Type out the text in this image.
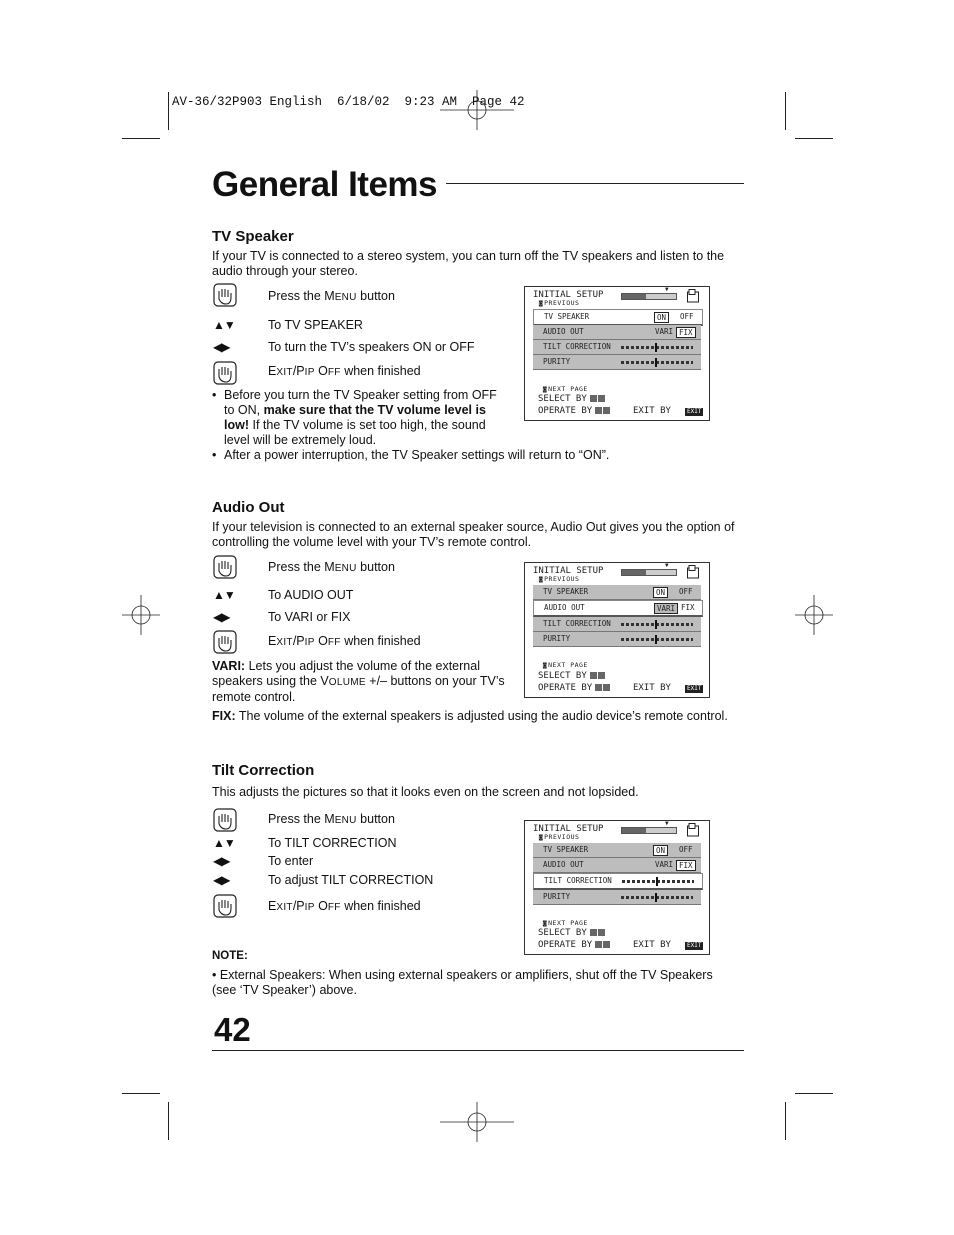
AV-36/32P903 English  6/18/02  9:23 AM  Page 42
General Items
TV Speaker
If your TV is connected to a stereo system, you can turn off the TV speakers and listen to the audio through your stereo.
Press the MENU button
▲▼	To TV SPEAKER
◀▶	To turn the TV’s speakers ON or OFF
EXIT/PIP OFF when finished
• Before you turn the TV Speaker setting from OFF to ON, make sure that the TV volume level is low! If the TV volume is set too high, the sound level will be extremely loud.
• After a power interruption, the TV Speaker settings will return to “ON”.
INITIAL SETUP
▼
◙ PREVIOUS
TV SPEAKER	ON	OFF
AUDIO OUT	VARI FIX
TILT CORRECTION
PURITY
◙ NEXT PAGE
SELECT BY
OPERATE BY	EXIT BY	EXIT
Audio Out
If your television is connected to an external speaker source, Audio Out gives you the option of controlling the volume level with your TV’s remote control.
Press the MENU button
▲▼	To AUDIO OUT
◀▶	To VARI or FIX
EXIT/PIP OFF when finished
VARI: Lets you adjust the volume of the external speakers using the VOLUME +/– buttons on your TV’s remote control.
FIX: The volume of the external speakers is adjusted using the audio device’s remote control.
INITIAL SETUP
▼
◙ PREVIOUS
TV SPEAKER	ON	OFF
AUDIO OUT	VARI FIX
TILT CORRECTION
PURITY
◙ NEXT PAGE
SELECT BY
OPERATE BY	EXIT BY	EXIT
Tilt Correction
This adjusts the pictures so that it looks even on the screen and not lopsided.
Press the MENU button
▲▼	To TILT CORRECTION
◀▶	To enter
◀▶	To adjust TILT CORRECTION
EXIT/PIP OFF when finished
NOTE:
• External Speakers: When using external speakers or amplifiers, shut off the TV Speakers (see ‘TV Speaker’) above.
INITIAL SETUP
▼
◙ PREVIOUS
TV SPEAKER	ON	OFF
AUDIO OUT	VARI FIX
TILT CORRECTION
PURITY
◙ NEXT PAGE
SELECT BY
OPERATE BY	EXIT BY	EXIT
42
